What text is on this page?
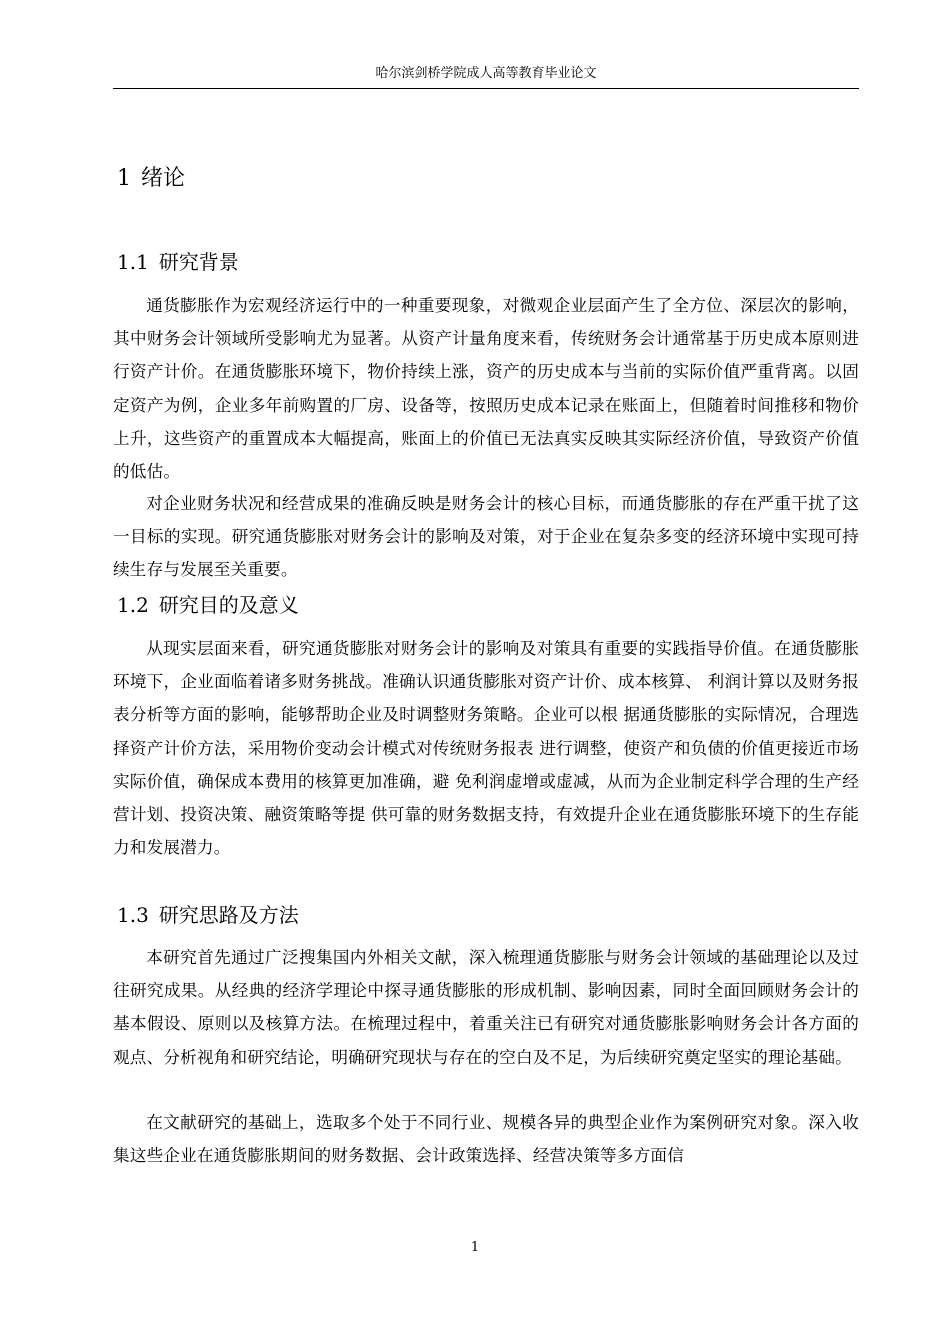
哈尔滨剑桥学院成人高等教育毕业论文
1 绪论
1.1 研究背景

通货膨胀作为宏观经济运行中的一种重要现象，对微观企业层面产生了全方位、深层次的影响，其中财务会计领域所受影响尤为显著。从资产计量角度来看，传统财务会计通常基于历史成本原则进行资产计价。在通货膨胀环境下，物价持续上涨，资产的历史成本与当前的实际价值严重背离。以固定资产为例，企业多年前购置的厂房、设备等，按照历史成本记录在账面上，但随着时间推移和物价上升，这些资产的重置成本大幅提高，账面上的价值已无法真实反映其实际经济价值，导致资产价值的低估。

对企业财务状况和经营成果的准确反映是财务会计的核心目标，而通货膨胀的存在严重干扰了这一目标的实现。研究通货膨胀对财务会计的影响及对策，对于企业在复杂多变的经济环境中实现可持续生存与发展至关重要。

1.2 研究目的及意义

从现实层面来看，研究通货膨胀对财务会计的影响及对策具有重要的实践指导价值。在通货膨胀环境下，企业面临着诸多财务挑战。准确认识通货膨胀对资产计价、成本核算、 利润计算以及财务报表分析等方面的影响，能够帮助企业及时调整财务策略。企业可以根 据通货膨胀的实际情况，合理选择资产计价方法，采用物价变动会计模式对传统财务报表 进行调整，使资产和负债的价值更接近市场实际价值，确保成本费用的核算更加准确，避 免利润虚增或虚减，从而为企业制定科学合理的生产经营计划、投资决策、融资策略等提 供可靠的财务数据支持，有效提升企业在通货膨胀环境下的生存能力和发展潜力。

1.3 研究思路及方法

本研究首先通过广泛搜集国内外相关文献，深入梳理通货膨胀与财务会计领域的基础理论以及过往研究成果。从经典的经济学理论中探寻通货膨胀的形成机制、影响因素，同时全面回顾财务会计的基本假设、原则以及核算方法。在梳理过程中，着重关注已有研究对通货膨胀影响财务会计各方面的观点、分析视角和研究结论，明确研究现状与存在的空白及不足，为后续研究奠定坚实的理论基础。

在文献研究的基础上，选取多个处于不同行业、规模各异的典型企业作为案例研究对象。深入收集这些企业在通货膨胀期间的财务数据、会计政策选择、经营决策等多方面信

1
